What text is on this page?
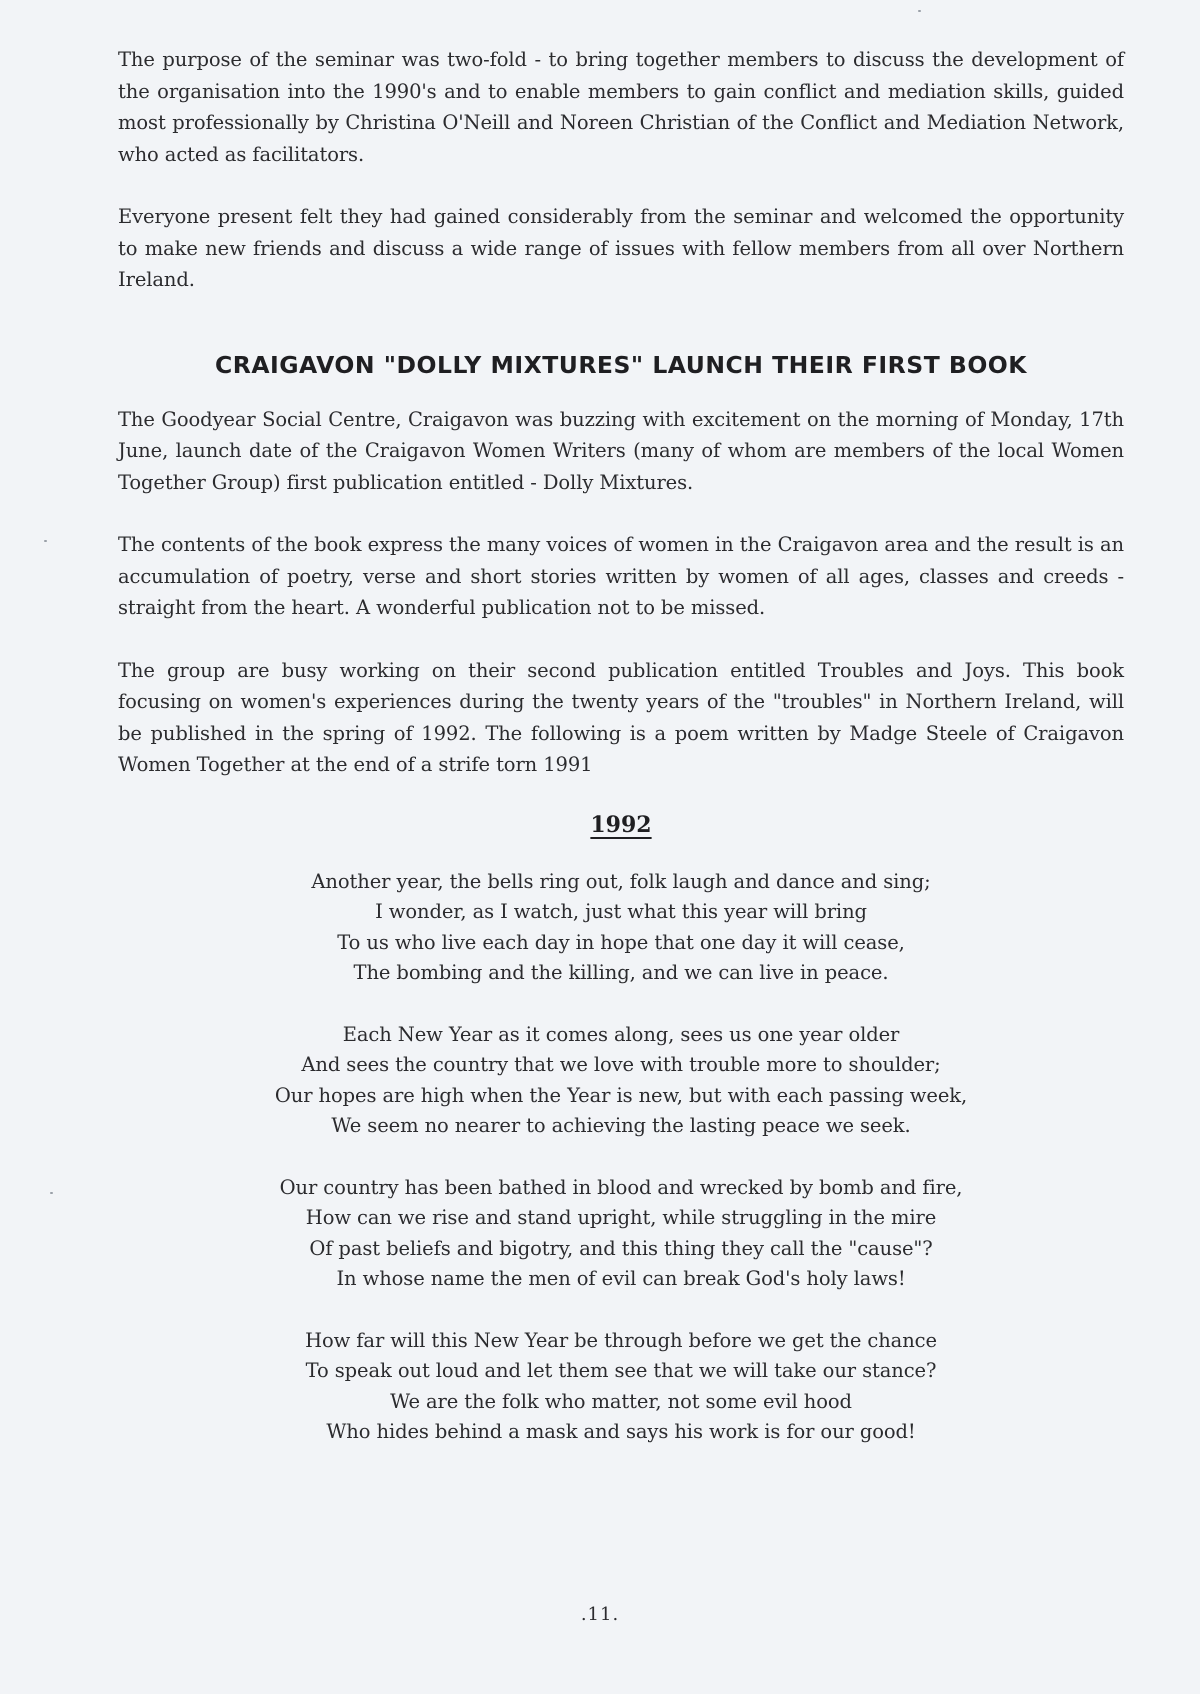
The purpose of the seminar was two-fold - to bring together members to discuss the development of the organisation into the 1990's and to enable members to gain conflict and mediation skills, guided most professionally by Christina O'Neill and Noreen Christian of the Conflict and Mediation Network, who acted as facilitators.

Everyone present felt they had gained considerably from the seminar and welcomed the opportunity to make new friends and discuss a wide range of issues with fellow members from all over Northern Ireland.

CRAIGAVON "DOLLY MIXTURES" LAUNCH THEIR FIRST BOOK

The Goodyear Social Centre, Craigavon was buzzing with excitement on the morning of Monday, 17th June, launch date of the Craigavon Women Writers (many of whom are members of the local Women Together Group) first publication entitled - Dolly Mixtures.

The contents of the book express the many voices of women in the Craigavon area and the result is an accumulation of poetry, verse and short stories written by women of all ages, classes and creeds - straight from the heart. A wonderful publication not to be missed.

The group are busy working on their second publication entitled Troubles and Joys. This book focusing on women's experiences during the twenty years of the "troubles" in Northern Ireland, will be published in the spring of 1992. The following is a poem written by Madge Steele of Craigavon Women Together at the end of a strife torn 1991

1992
Another year, the bells ring out, folk laugh and dance and sing;
I wonder, as I watch, just what this year will bring
To us who live each day in hope that one day it will cease,
The bombing and the killing, and we can live in peace.
Each New Year as it comes along, sees us one year older
And sees the country that we love with trouble more to shoulder;
Our hopes are high when the Year is new, but with each passing week,
We seem no nearer to achieving the lasting peace we seek.
Our country has been bathed in blood and wrecked by bomb and fire,
How can we rise and stand upright, while struggling in the mire
Of past beliefs and bigotry, and this thing they call the "cause"?
In whose name the men of evil can break God's holy laws!
How far will this New Year be through before we get the chance
To speak out loud and let them see that we will take our stance?
We are the folk who matter, not some evil hood
Who hides behind a mask and says his work is for our good!
.11.
